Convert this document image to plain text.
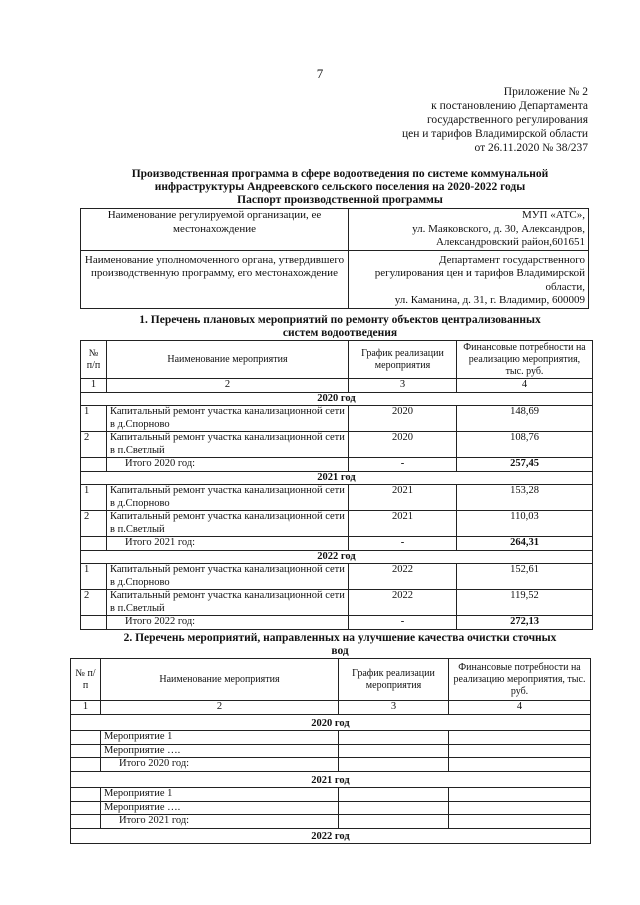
7
Приложение № 2
к постановлению Департамента
государственного регулирования
цен и тарифов Владимирской области
от 26.11.2020 № 38/237
Производственная программа в сфере водоотведения по системе коммунальной
инфраструктуры Андреевского сельского поселения на 2020-2022 годы
Паспорт производственной программы
Наименование регулируемой организации, ее местонахождение	МУП «АТС»,
ул. Маяковского, д. 30, Александров,
Александровский район,601651

Наименование уполномоченного органа, утвердившего производственную программу, его местонахождение	Департамент государственного
регулирования цен и тарифов Владимирской
области,
ул. Каманина, д. 31, г. Владимир, 600009
1. Перечень плановых мероприятий по ремонту объектов централизованных
систем водоотведения
№ п/п	Наименование мероприятия	График реализации мероприятия	Финансовые потребности на реализацию мероприятия, тыс. руб.
1	2	3	4
2020 год			
1	Капитальный ремонт участка канализационной сети в д.Спорново	2020	148,69
2	Капитальный ремонт участка канализационной сети в п.Светлый	2020	108,76
	Итого 2020 год:	-	257,45
2021 год			
1	Капитальный ремонт участка канализационной сети в д.Спорново	2021	153,28
2	Капитальный ремонт участка канализационной сети в п.Светлый	2021	110,03
	Итого 2021 год:	-	264,31
2022 год			
1	Капитальный ремонт участка канализационной сети в д.Спорново	2022	152,61
2	Капитальный ремонт участка канализационной сети в п.Светлый	2022	119,52
	Итого 2022 год:	-	272,13
2. Перечень мероприятий, направленных на улучшение качества очистки сточных
вод
№ п/п	Наименование мероприятия	График реализации мероприятия	Финансовые потребности на реализацию мероприятия, тыс. руб.
1	2	3	4
2020 год			
	Мероприятие 1		
	Мероприятие ….		
	Итого 2020 год:		
2021 год			
	Мероприятие 1		
	Мероприятие ….		
	Итого 2021 год:		
2022 год			
